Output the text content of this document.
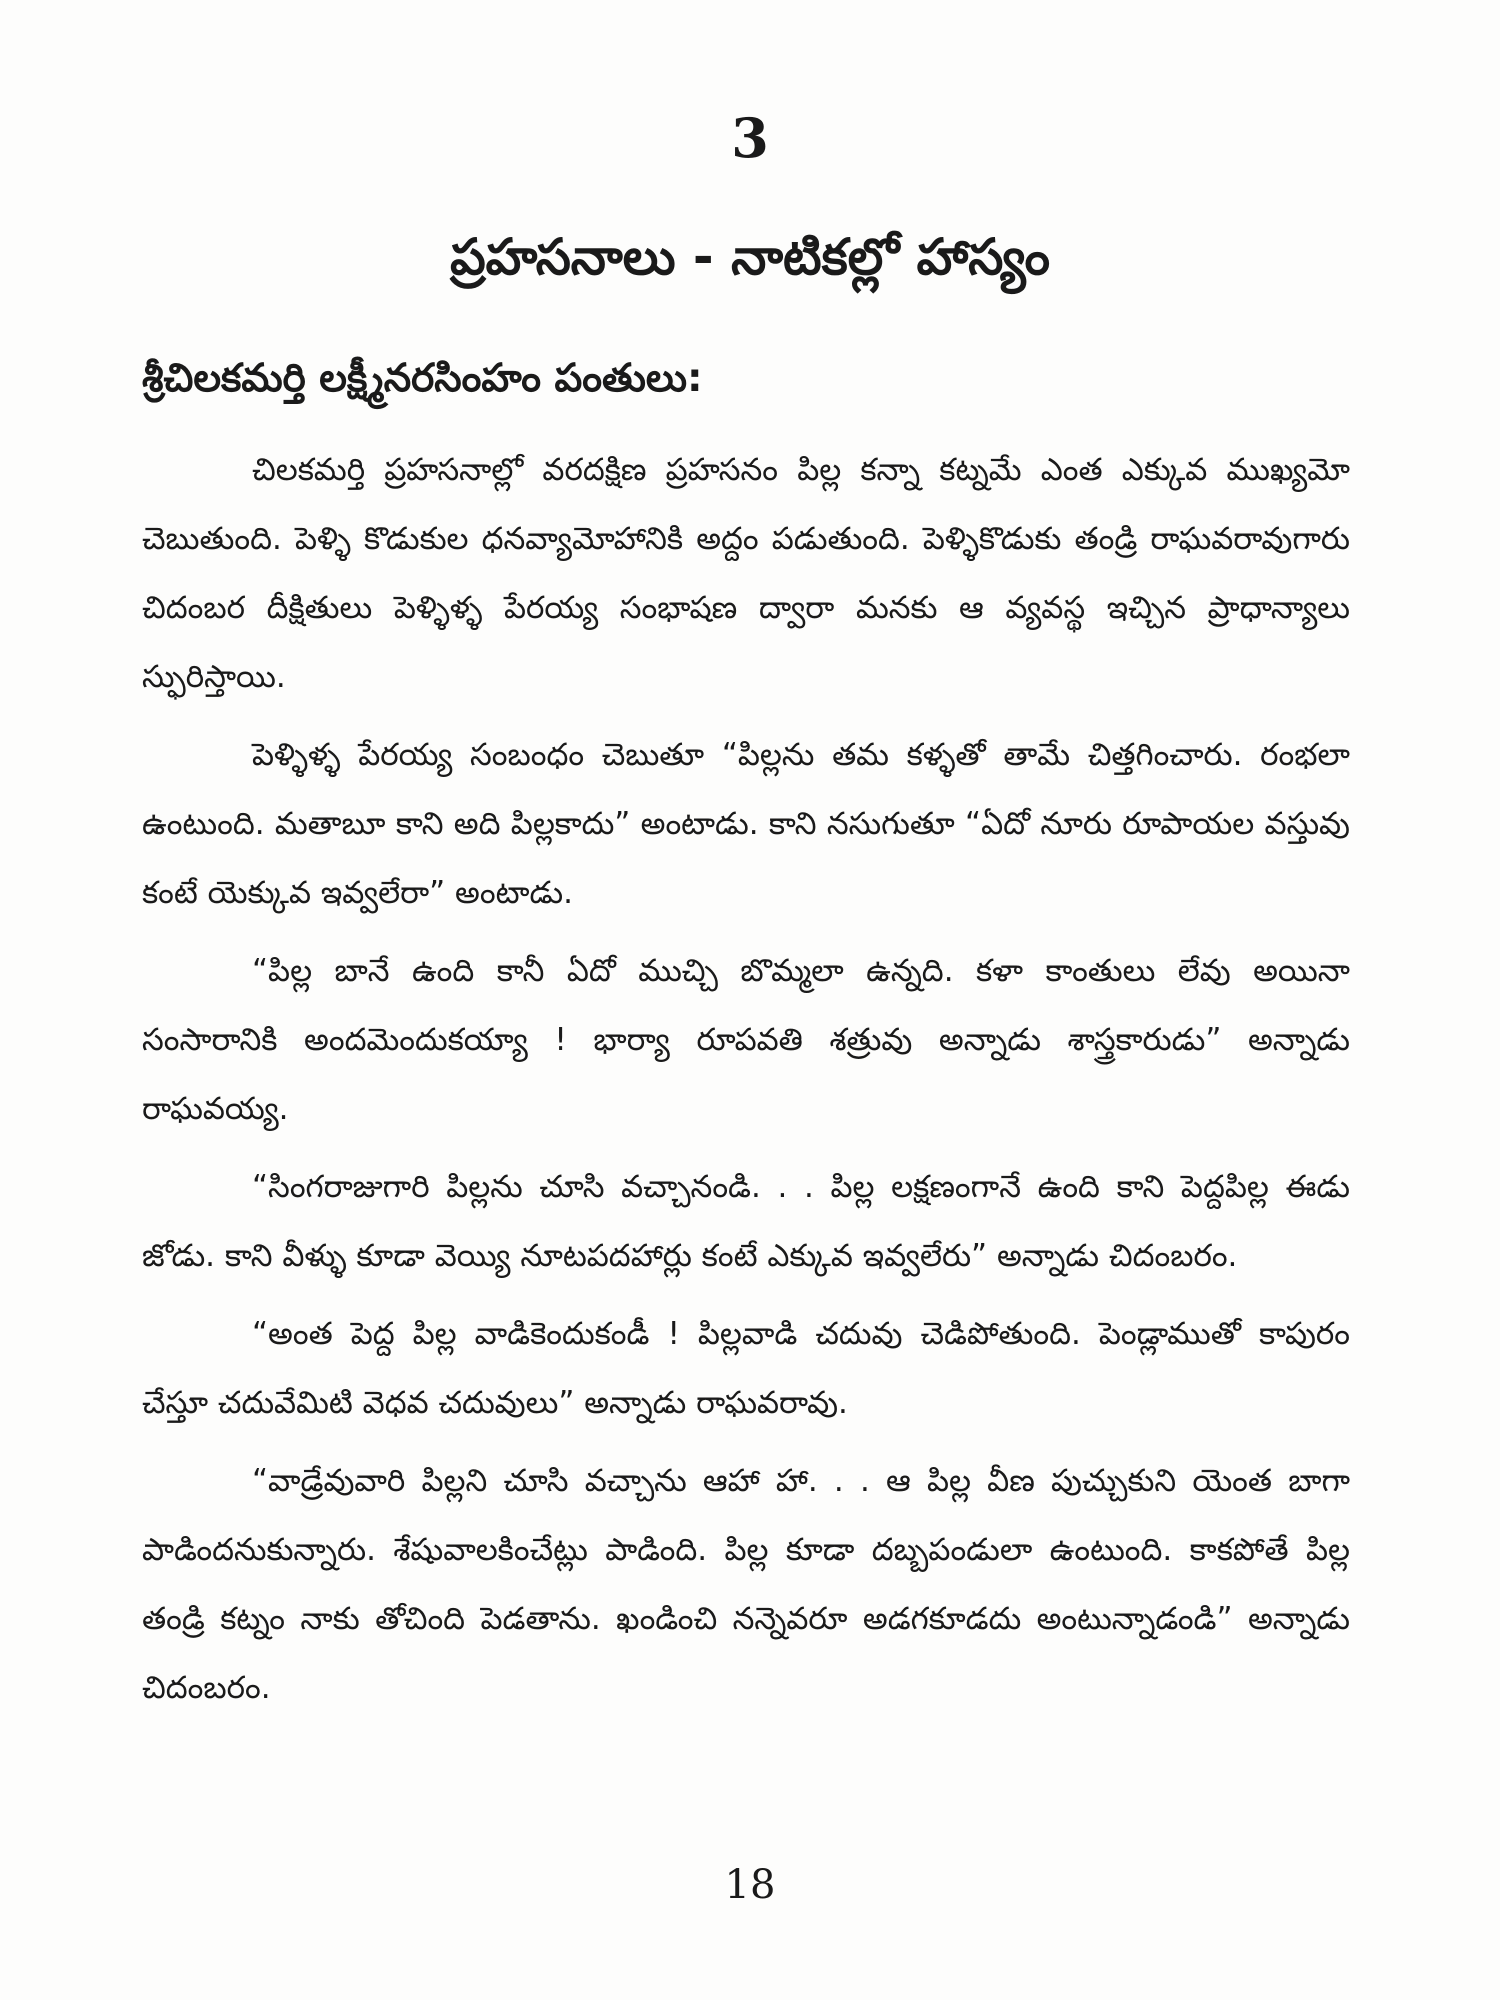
3
ప్రహసనాలు - నాటికల్లో హాస్యం
శ్రీచిలకమర్తి లక్ష్మీనరసింహం పంతులు:

చిలకమర్తి ప్రహసనాల్లో వరదక్షిణ ప్రహసనం పిల్ల కన్నా కట్నమే ఎంత ఎక్కువ ముఖ్యమో చెబుతుంది. పెళ్ళి కొడుకుల ధనవ్యామోహానికి అద్దం పడుతుంది. పెళ్ళికొడుకు తండ్రి రాఘవరావుగారు చిదంబర దీక్షితులు పెళ్ళిళ్ళ పేరయ్య సంభాషణ ద్వారా మనకు ఆ వ్యవస్థ ఇచ్చిన ప్రాధాన్యాలు స్ఫురిస్తాయి.

పెళ్ళిళ్ళ పేరయ్య సంబంధం చెబుతూ “పిల్లను తమ కళ్ళతో తామే చిత్తగించారు. రంభలా ఉంటుంది. మతాబూ కాని అది పిల్లకాదు” అంటాడు. కాని నసుగుతూ “ఏదో నూరు రూపాయల వస్తువు కంటే యెక్కువ ఇవ్వలేరా” అంటాడు.

“పిల్ల బానే ఉంది కానీ ఏదో ముచ్చి బొమ్మలా ఉన్నది. కళా కాంతులు లేవు అయినా సంసారానికి అందమెందుకయ్యా ! భార్యా రూపవతి శత్రువు అన్నాడు శాస్త్రకారుడు” అన్నాడు రాఘవయ్య.

“సింగరాజుగారి పిల్లను చూసి వచ్చానండి. . . పిల్ల లక్షణంగానే ఉంది కాని పెద్దపిల్ల ఈడు జోడు. కాని వీళ్ళు కూడా వెయ్యి నూటపదహార్లు కంటే ఎక్కువ ఇవ్వలేరు” అన్నాడు చిదంబరం.

“అంత పెద్ద పిల్ల వాడికెందుకండీ ! పిల్లవాడి చదువు చెడిపోతుంది. పెండ్లాముతో కాపురం చేస్తూ చదువేమిటి వెధవ చదువులు” అన్నాడు రాఘవరావు.

“వాడ్రేవువారి పిల్లని చూసి వచ్చాను ఆహా హా. . . ఆ పిల్ల వీణ పుచ్చుకుని యెంత బాగా పాడిందనుకున్నారు. శేషువాలకించేట్లు పాడింది. పిల్ల కూడా దబ్బపండులా ఉంటుంది. కాకపోతే పిల్ల తండ్రి కట్నం నాకు తోచింది పెడతాను. ఖండించి నన్నెవరూ అడగకూడదు అంటున్నాడండి” అన్నాడు చిదంబరం.

18
